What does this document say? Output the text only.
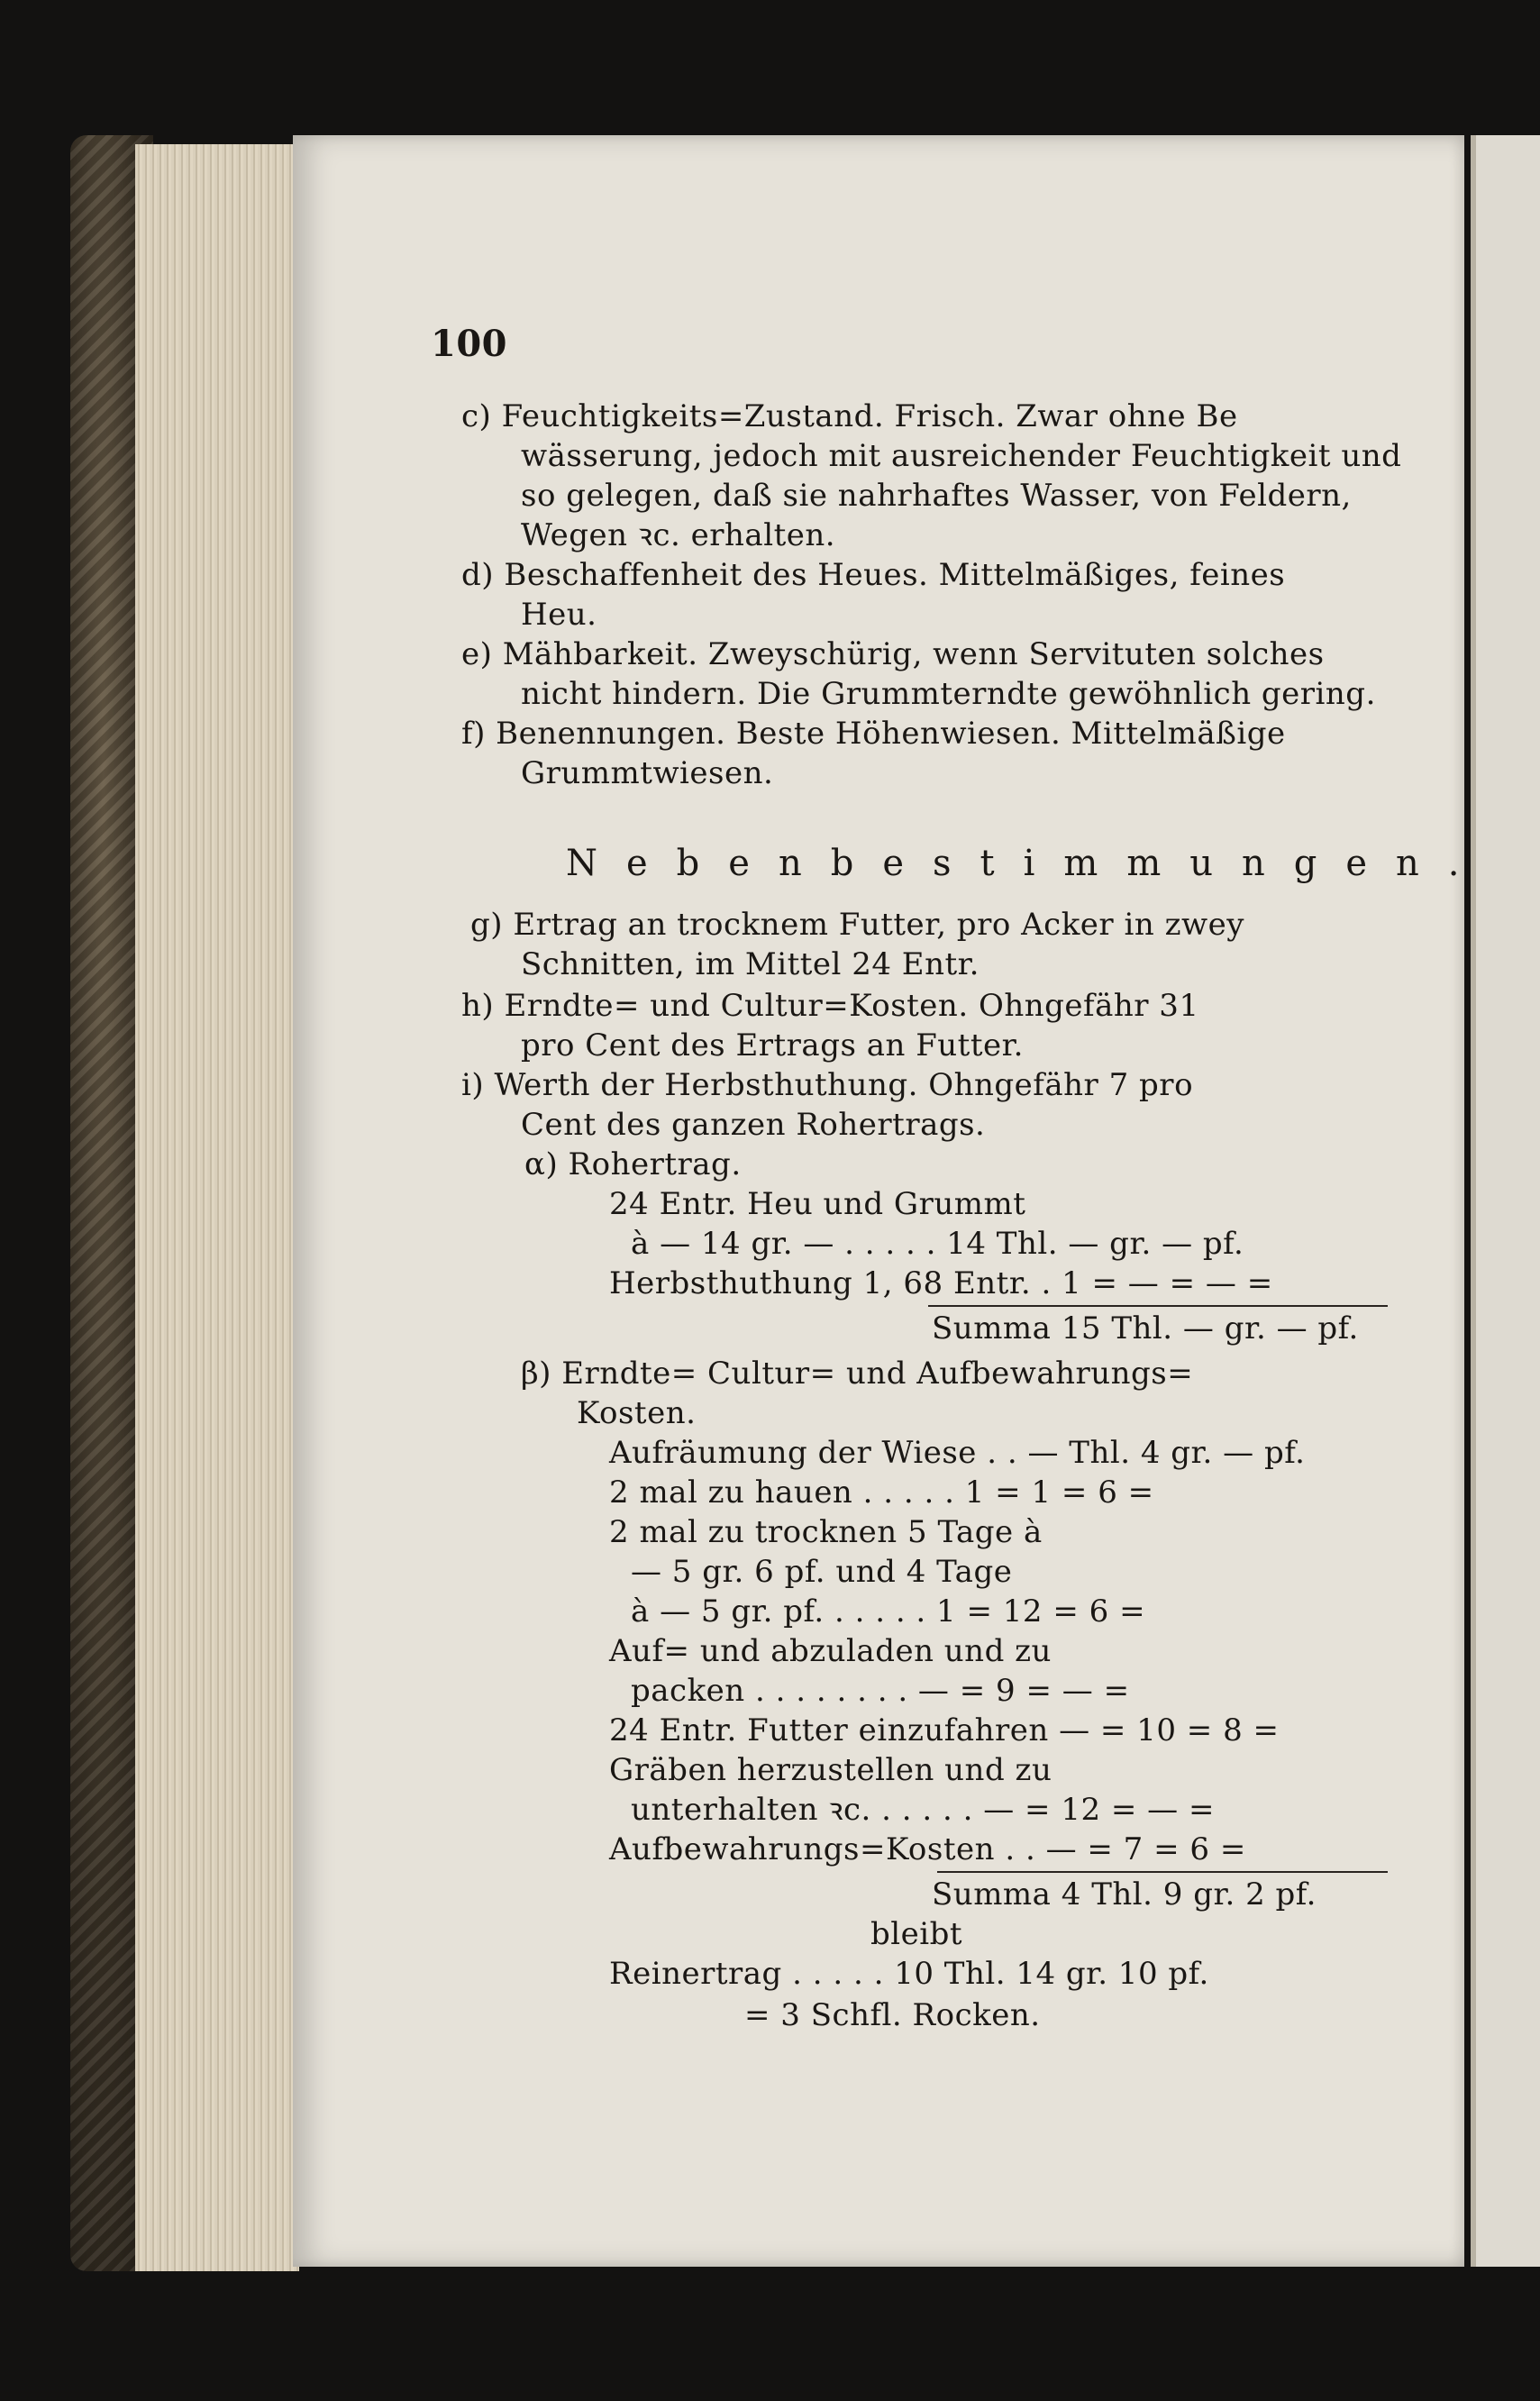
100
c) Feuchtigkeits=Zustand. Frisch. Zwar ohne Be
wässerung, jedoch mit ausreichender Feuchtigkeit und
so gelegen, daß sie nahrhaftes Wasser, von Feldern,
Wegen ꝛc. erhalten.
d) Beschaffenheit des Heues. Mittelmäßiges, feines
Heu.
e) Mähbarkeit. Zweyschürig, wenn Servituten solches
nicht hindern. Die Grummterndte gewöhnlich gering.
f) Benennungen. Beste Höhenwiesen. Mittelmäßige
Grummtwiesen.
Nebenbestimmungen.
g) Ertrag an trocknem Futter, pro Acker in zwey
Schnitten, im Mittel 24 Entr.
h) Erndte= und Cultur=Kosten. Ohngefähr 31
pro Cent des Ertrags an Futter.
i) Werth der Herbsthuthung. Ohngefähr 7 pro
Cent des ganzen Rohertrags.
α) Rohertrag.
24 Entr. Heu und Grummt
à — 14 gr. — . . . . . 14 Thl. — gr. — pf.
Herbsthuthung 1, 68 Entr. . 1 = — = — =
Summa 15 Thl. — gr. — pf.
β) Erndte= Cultur= und Aufbewahrungs=
Kosten.
Aufräumung der Wiese . . — Thl. 4 gr. — pf.
2 mal zu hauen . . . . . 1 = 1 = 6 =
2 mal zu trocknen 5 Tage à
— 5 gr. 6 pf. und 4 Tage
à — 5 gr. pf. . . . . . 1 = 12 = 6 =
Auf= und abzuladen und zu
packen . . . . . . . . — = 9 = — =
24 Entr. Futter einzufahren — = 10 = 8 =
Gräben herzustellen und zu
unterhalten ꝛc. . . . . . — = 12 = — =
Aufbewahrungs=Kosten . . — = 7 = 6 =
Summa 4 Thl. 9 gr. 2 pf.
bleibt
Reinertrag . . . . . 10 Thl. 14 gr. 10 pf.
= 3 Schfl. Rocken.
